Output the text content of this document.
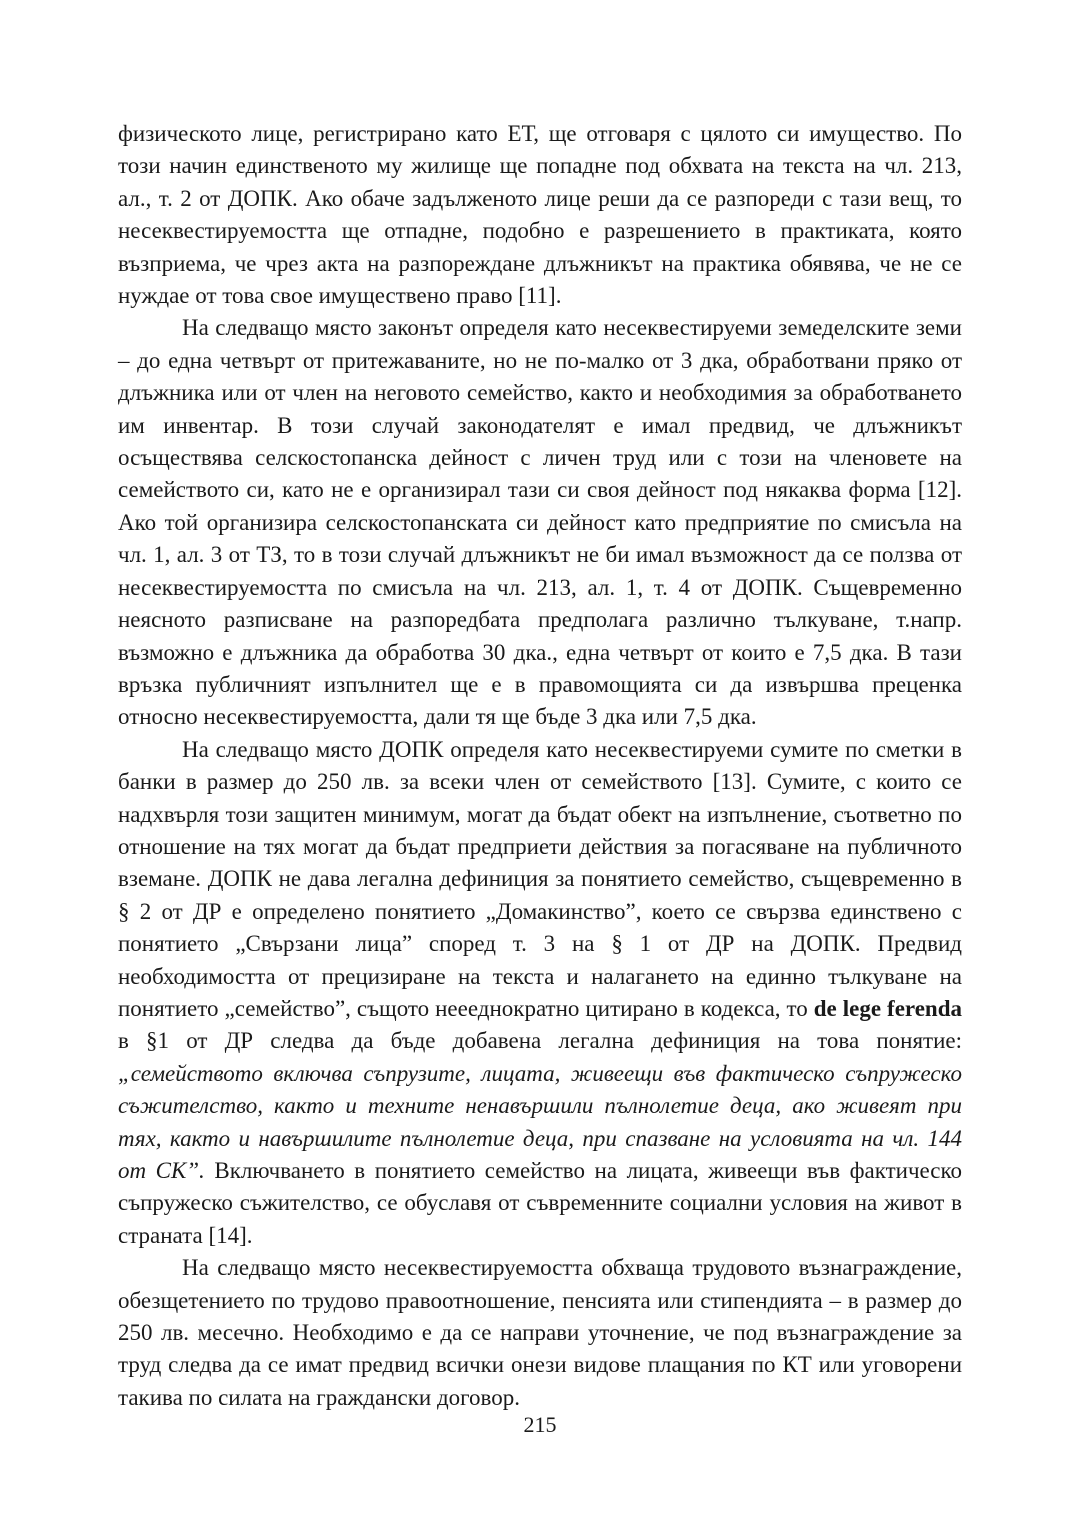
физическото лице, регистрирано като ЕТ, ще отговаря с цялото си имущество. По този начин единственото му жилище ще попадне под обхвата на текста на чл. 213, ал., т. 2 от ДОПК. Ако обаче задълженото лице реши да се разпореди с тази вещ, то несеквестируемостта ще отпадне, подобно е разрешението в практиката, която възприема, че чрез акта на разпореждане длъжникът на практика обявява, че не се нуждае от това свое имуществено право [11].

На следващо място законът определя като несеквестируеми земеделските земи – до една четвърт от притежаваните, но не по-малко от 3 дка, обработвани пряко от длъжника или от член на неговото семейство, както и необходимия за обработването им инвентар. В този случай законодателят е имал предвид, че длъжникът осъществява селскостопанска дейност с личен труд или с този на членовете на семейството си, като не е организирал тази си своя дейност под някаква форма [12]. Ако той организира селскостопанската си дейност като предприятие по смисъла на чл. 1, ал. 3 от ТЗ, то в този случай длъжникът не би имал възможност да се ползва от несеквестируемостта по смисъла на чл. 213, ал. 1, т. 4 от ДОПК. Същевременно неясното разписване на разпоредбата предполага различно тълкуване, т.напр. възможно е длъжника да обработва 30 дка., една четвърт от които е 7,5 дка. В тази връзка публичният изпълнител ще е в правомощията си да извършва преценка относно несеквестируемостта, дали тя ще бъде 3 дка или 7,5 дка.

На следващо място ДОПК определя като несеквестируеми сумите по сметки в банки в размер до 250 лв. за всеки член от семейството [13]. Сумите, с които се надхвърля този защитен минимум, могат да бъдат обект на изпълнение, съответно по отношение на тях могат да бъдат предприети действия за погасяване на публичното вземане. ДОПК не дава легална дефиниция за понятието семейство, същевременно в § 2 от ДР е определено понятието „Домакинство”, което се свързва единствено с понятието „Свързани лица” според т. 3 на § 1 от ДР на ДОПК. Предвид необходимостта от прецизиране на текста и налагането на единно тълкуване на понятието „семейство”, същото неееднократно цитирано в кодекса, то de lege ferenda в §1 от ДР следва да бъде добавена легална дефиниция на това понятие: „семейството включва съпрузите, лицата, живеещи във фактическо съпружеско съжителство, както и техните ненавършили пълнолетие деца, ако живеят при тях, както и навършилите пълнолетие деца, при спазване на условията на чл. 144 от СК”. Включването в понятието семейство на лицата, живеещи във фактическо съпружеско съжителство, се обуславя от съвременните социални условия на живот в страната [14].

На следващо място несеквестируемостта обхваща трудовото възнаграждение, обезщетението по трудово правоотношение, пенсията или стипендията – в размер до 250 лв. месечно. Необходимо е да се направи уточнение, че под възнаграждение за труд следва да се имат предвид всички онези видове плащания по КТ или уговорени такива по силата на граждански договор.

215
